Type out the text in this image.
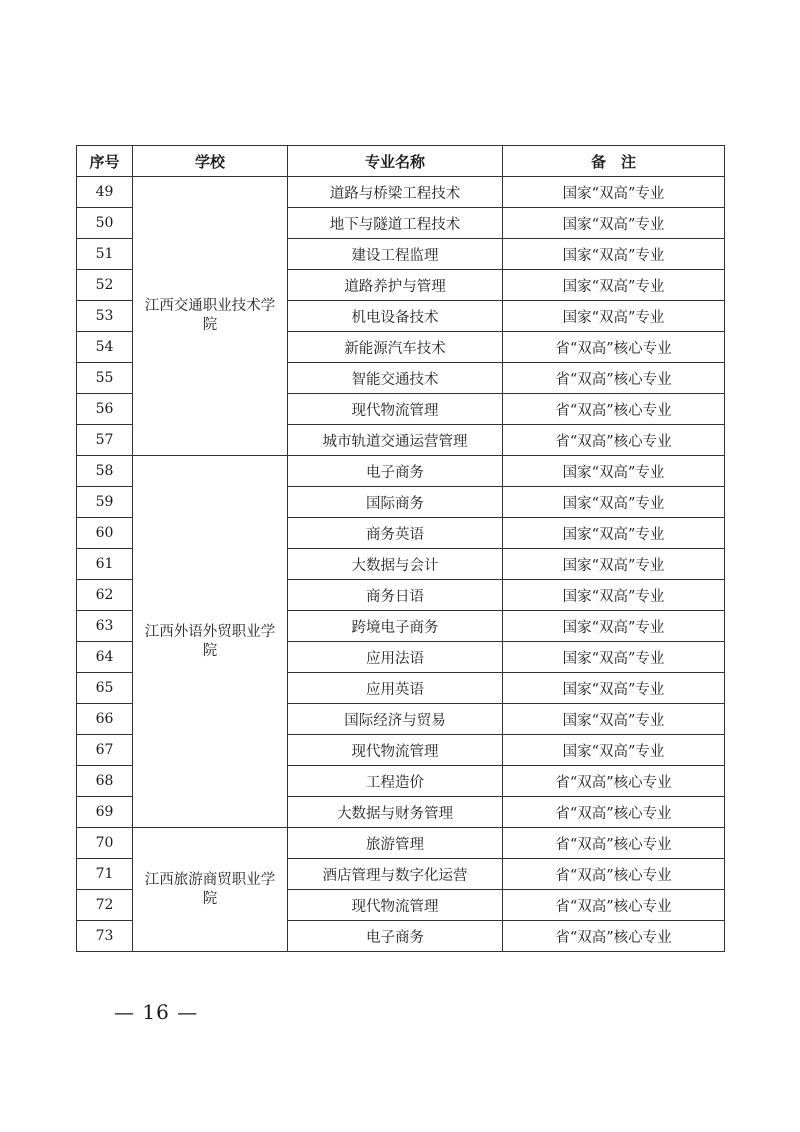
序号	学校	专业名称	备　注
49	江西交通职业技术学院	道路与桥梁工程技术	国家“双高”专业
50		地下与隧道工程技术	国家“双高”专业
51		建设工程监理	国家“双高”专业
52		道路养护与管理	国家“双高”专业
53		机电设备技术	国家“双高”专业
54		新能源汽车技术	省“双高”核心专业
55		智能交通技术	省“双高”核心专业
56		现代物流管理	省“双高”核心专业
57		城市轨道交通运营管理	省“双高”核心专业
58	江西外语外贸职业学院	电子商务	国家“双高”专业
59		国际商务	国家“双高”专业
60		商务英语	国家“双高”专业
61		大数据与会计	国家“双高”专业
62		商务日语	国家“双高”专业
63		跨境电子商务	国家“双高”专业
64		应用法语	国家“双高”专业
65		应用英语	国家“双高”专业
66		国际经济与贸易	国家“双高”专业
67		现代物流管理	国家“双高”专业
68		工程造价	省“双高”核心专业
69		大数据与财务管理	省“双高”核心专业
70	江西旅游商贸职业学院	旅游管理	省“双高”核心专业
71		酒店管理与数字化运营	省“双高”核心专业
72		现代物流管理	省“双高”核心专业
73		电子商务	省“双高”核心专业
— 16 —
